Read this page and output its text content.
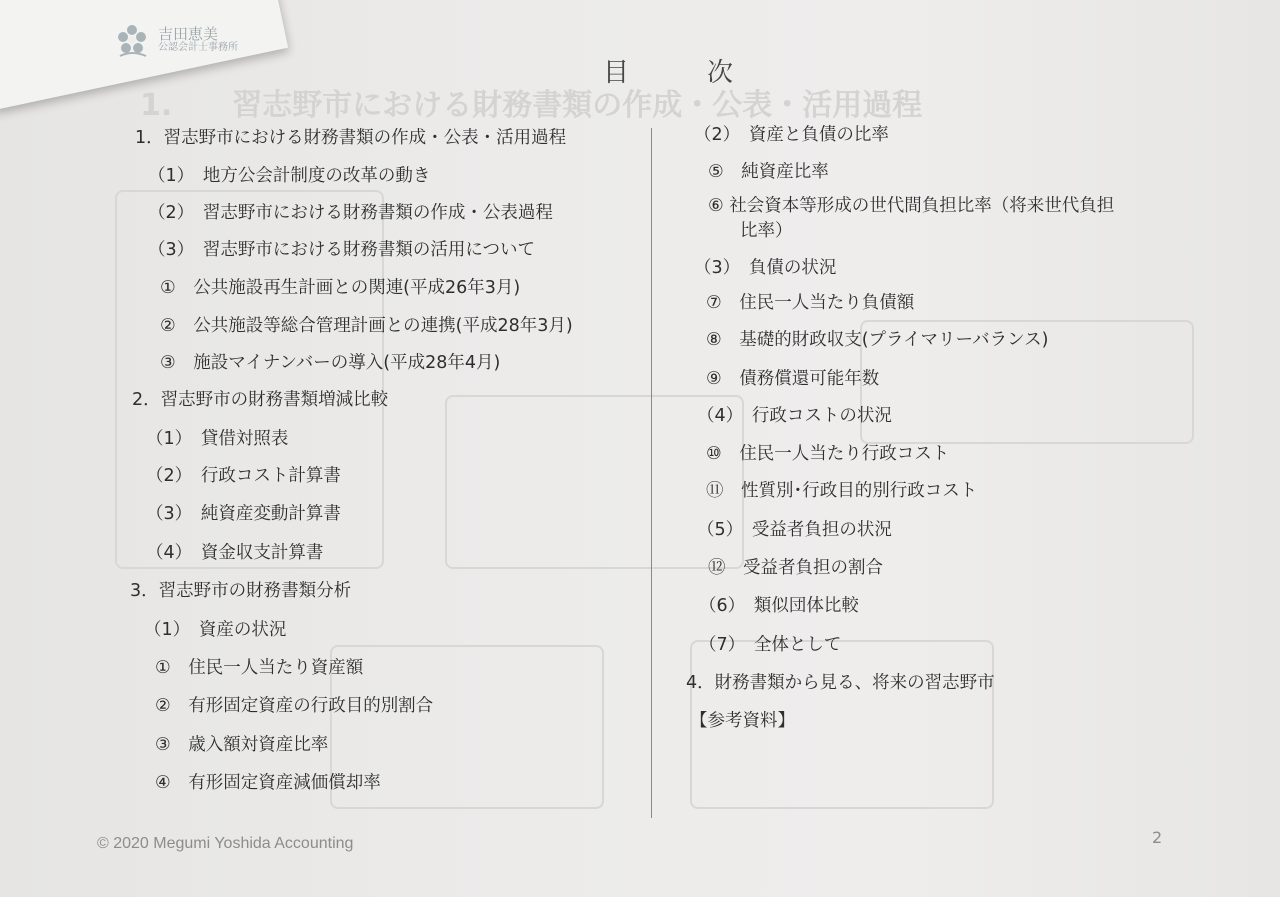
1.　　習志野市における財務書類の作成・公表・活用過程
吉田恵美
公認会計士事務所
目　次
1．習志野市における財務書類の作成・公表・活用過程
（1）　地方公会計制度の改革の動き
（2）　習志野市における財務書類の作成・公表過程
（3）　習志野市における財務書類の活用について
①　公共施設再生計画との関連(平成26年3月)
②　公共施設等総合管理計画との連携(平成28年3月)
③　施設マイナンバーの導入(平成28年4月)
2．習志野市の財務書類増減比較
（1）　貸借対照表
（2）　行政コスト計算書
（3）　純資産変動計算書
（4）　資金収支計算書
3．習志野市の財務書類分析
（1）　資産の状況
①　住民一人当たり資産額
②　有形固定資産の行政目的別割合
③　歳入額対資産比率
④　有形固定資産減価償却率
（2）　資産と負債の比率
⑤　純資産比率
⑥ 社会資本等形成の世代間負担比率（将来世代負担
比率）
（3）　負債の状況
⑦　住民一人当たり負債額
⑧　基礎的財政収支(プライマリーバランス)
⑨　債務償還可能年数
（4）　行政コストの状況
⑩　住民一人当たり行政コスト
⑪　性質別･行政目的別行政コスト
（5）　受益者負担の状況
⑫　受益者負担の割合
（6）　類似団体比較
（7）　全体として
4．財務書類から見る、将来の習志野市
【参考資料】
© 2020 Megumi Yoshida Accounting	2
